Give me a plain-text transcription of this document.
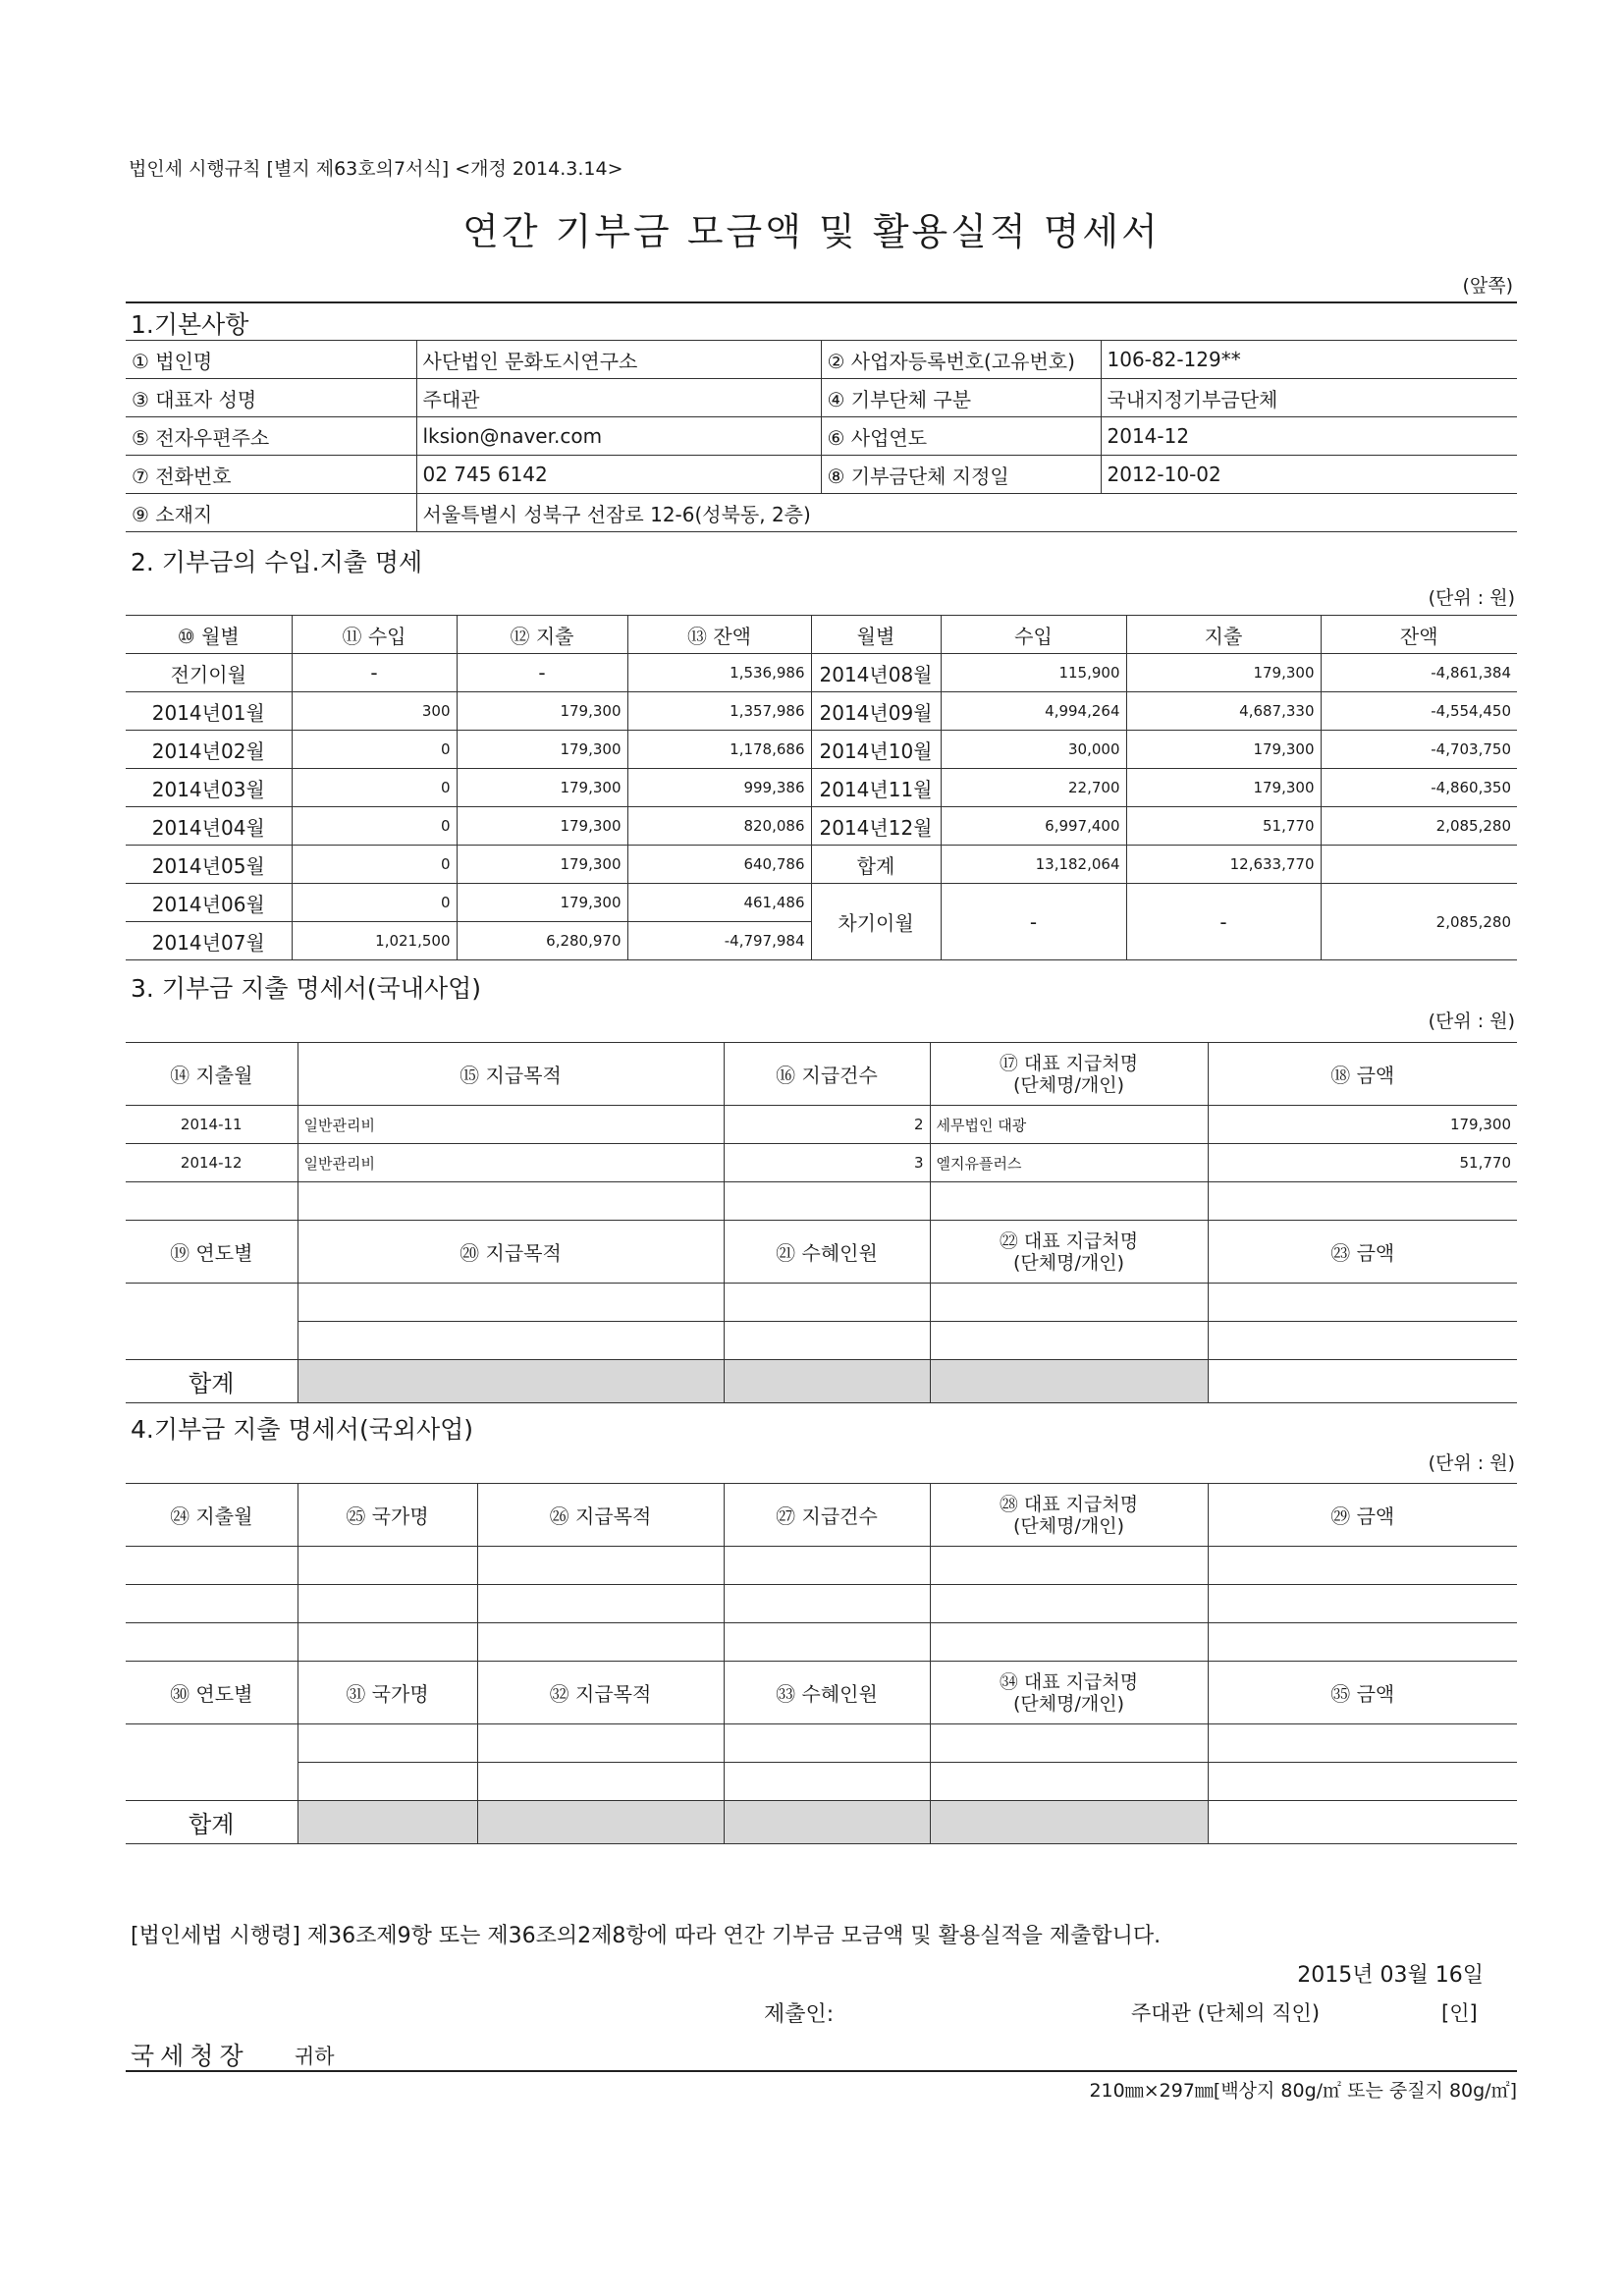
법인세 시행규칙 [별지 제63호의7서식] <개정 2014.3.14>
연간 기부금 모금액 및 활용실적 명세서
(앞쪽)
1.기본사항
① 법인명	사단법인 문화도시연구소	② 사업자등록번호(고유번호)	106-82-129**
③ 대표자 성명	주대관	④ 기부단체 구분	국내지정기부금단체
⑤ 전자우편주소	lksion@naver.com	⑥ 사업연도	2014-12
⑦ 전화번호	02 745 6142	⑧ 기부금단체 지정일	2012-10-02
⑨ 소재지	서울특별시 성북구 선잠로 12-6(성북동, 2층)		
2. 기부금의 수입.지출 명세
(단위 : 원)
⑩ 월별	⑪ 수입	⑫ 지출	⑬ 잔액	월별	수입	지출	잔액
전기이월	-	-	1,536,986	2014년08월	115,900	179,300	-4,861,384
2014년01월	300	179,300	1,357,986	2014년09월	4,994,264	4,687,330	-4,554,450
2014년02월	0	179,300	1,178,686	2014년10월	30,000	179,300	-4,703,750
2014년03월	0	179,300	999,386	2014년11월	22,700	179,300	-4,860,350
2014년04월	0	179,300	820,086	2014년12월	6,997,400	51,770	2,085,280
2014년05월	0	179,300	640,786	합계	13,182,064	12,633,770	
2014년06월	0	179,300	461,486	차기이월	-	-	2,085,280
2014년07월	1,021,500	6,280,970	-4,797,984				
3. 기부금 지출 명세서(국내사업)
(단위 : 원)
⑭ 지출월	⑮ 지급목적	⑯ 지급건수	⑰ 대표 지급처명
(단체명/개인)	⑱ 금액
2014-11	일반관리비	2	세무법인 대광	179,300
2014-12	일반관리비	3	엘지유플러스	51,770

⑲ 연도별	⑳ 지급목적	㉑ 수혜인원	㉒ 대표 지급처명
(단체명/개인)	㉓ 금액

합계				
4.기부금 지출 명세서(국외사업)
(단위 : 원)
㉔ 지출월	㉕ 국가명	㉖ 지급목적	㉗ 지급건수	㉘ 대표 지급처명
(단체명/개인)	㉙ 금액

㉚ 연도별	㉛ 국가명	㉜ 지급목적	㉝ 수혜인원	㉞ 대표 지급처명
(단체명/개인)	㉟ 금액

합계					
[법인세법 시행령] 제36조제9항 또는 제36조의2제8항에 따라 연간 기부금 모금액 및 활용실적을 제출합니다.
2015년 03월 16일
제출인:	주대관 (단체의 직인)	[인]
국세청장 귀하
210㎜×297㎜[백상지 80g/㎡ 또는 중질지 80g/㎡]
